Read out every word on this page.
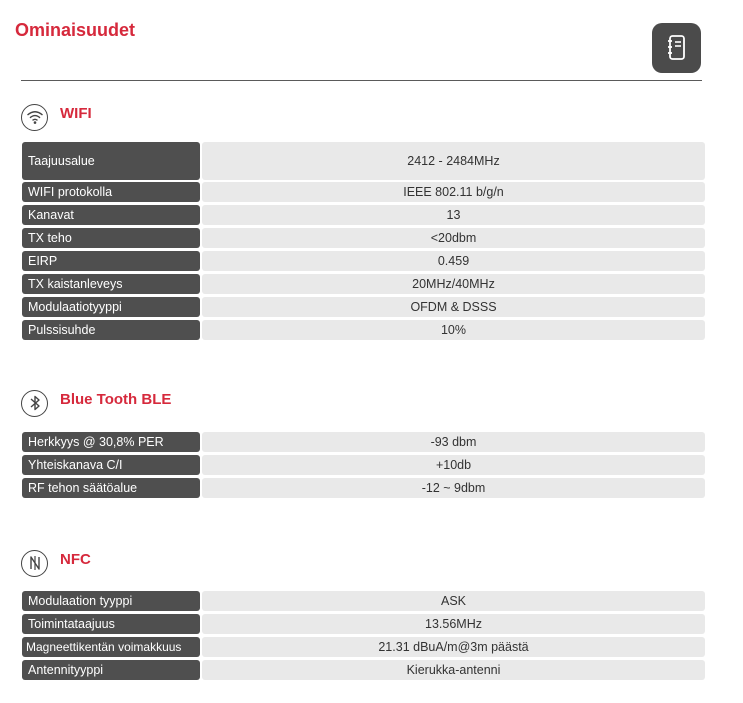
Ominaisuudet
WIFI
Taajuusalue	2412 - 2484MHz
WIFI protokolla	IEEE 802.11 b/g/n
Kanavat	13
TX teho	<20dbm
EIRP	0.459
TX kaistanleveys	20MHz/40MHz
Modulaatiotyyppi	OFDM & DSSS
Pulssisuhde	10%
Blue Tooth BLE
Herkkyys @ 30,8% PER	-93 dbm
Yhteiskanava C/I	+10db
RF tehon säätöalue	-12 ~ 9dbm
NFC
Modulaation tyyppi	ASK
Toimintataajuus	13.56MHz
Magneettikentän voimakkuus	21.31 dBuA/m@3m päästä
Antennityyppi	Kierukka-antenni
